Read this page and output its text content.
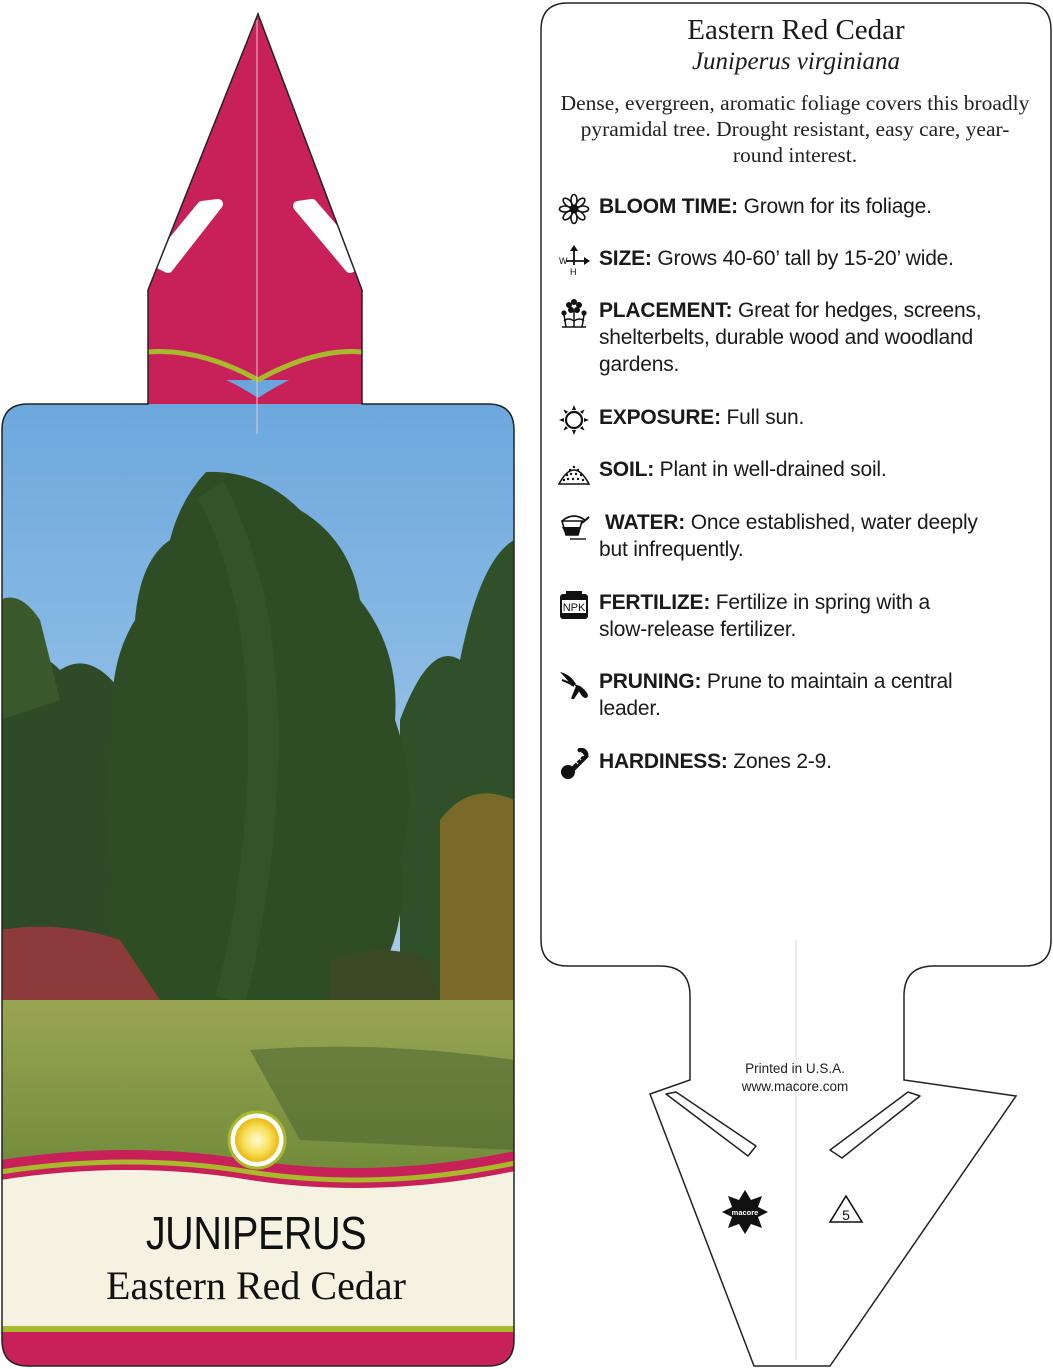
macore	5
JUNIPERUS
Eastern Red Cedar
Eastern Red Cedar
Juniperus virginiana
Dense, evergreen, aromatic foliage covers this broadly pyramidal tree. Drought resistant, easy care, year-round interest.
BLOOM TIME: Grown for its foliage.
W
H
SIZE: Grows 40-60’ tall by 15-20’ wide.
PLACEMENT: Great for hedges, screens,
shelterbelts, durable wood and woodland
gardens.
EXPOSURE: Full sun.
SOIL: Plant in well-drained soil.
WATER: Once established, water deeply
but infrequently.
NPK FERTILIZE: Fertilize in spring with a
slow-release fertilizer.
PRUNING: Prune to maintain a central
leader.
HARDINESS: Zones 2-9.
Printed in U.S.A.
www.macore.com
